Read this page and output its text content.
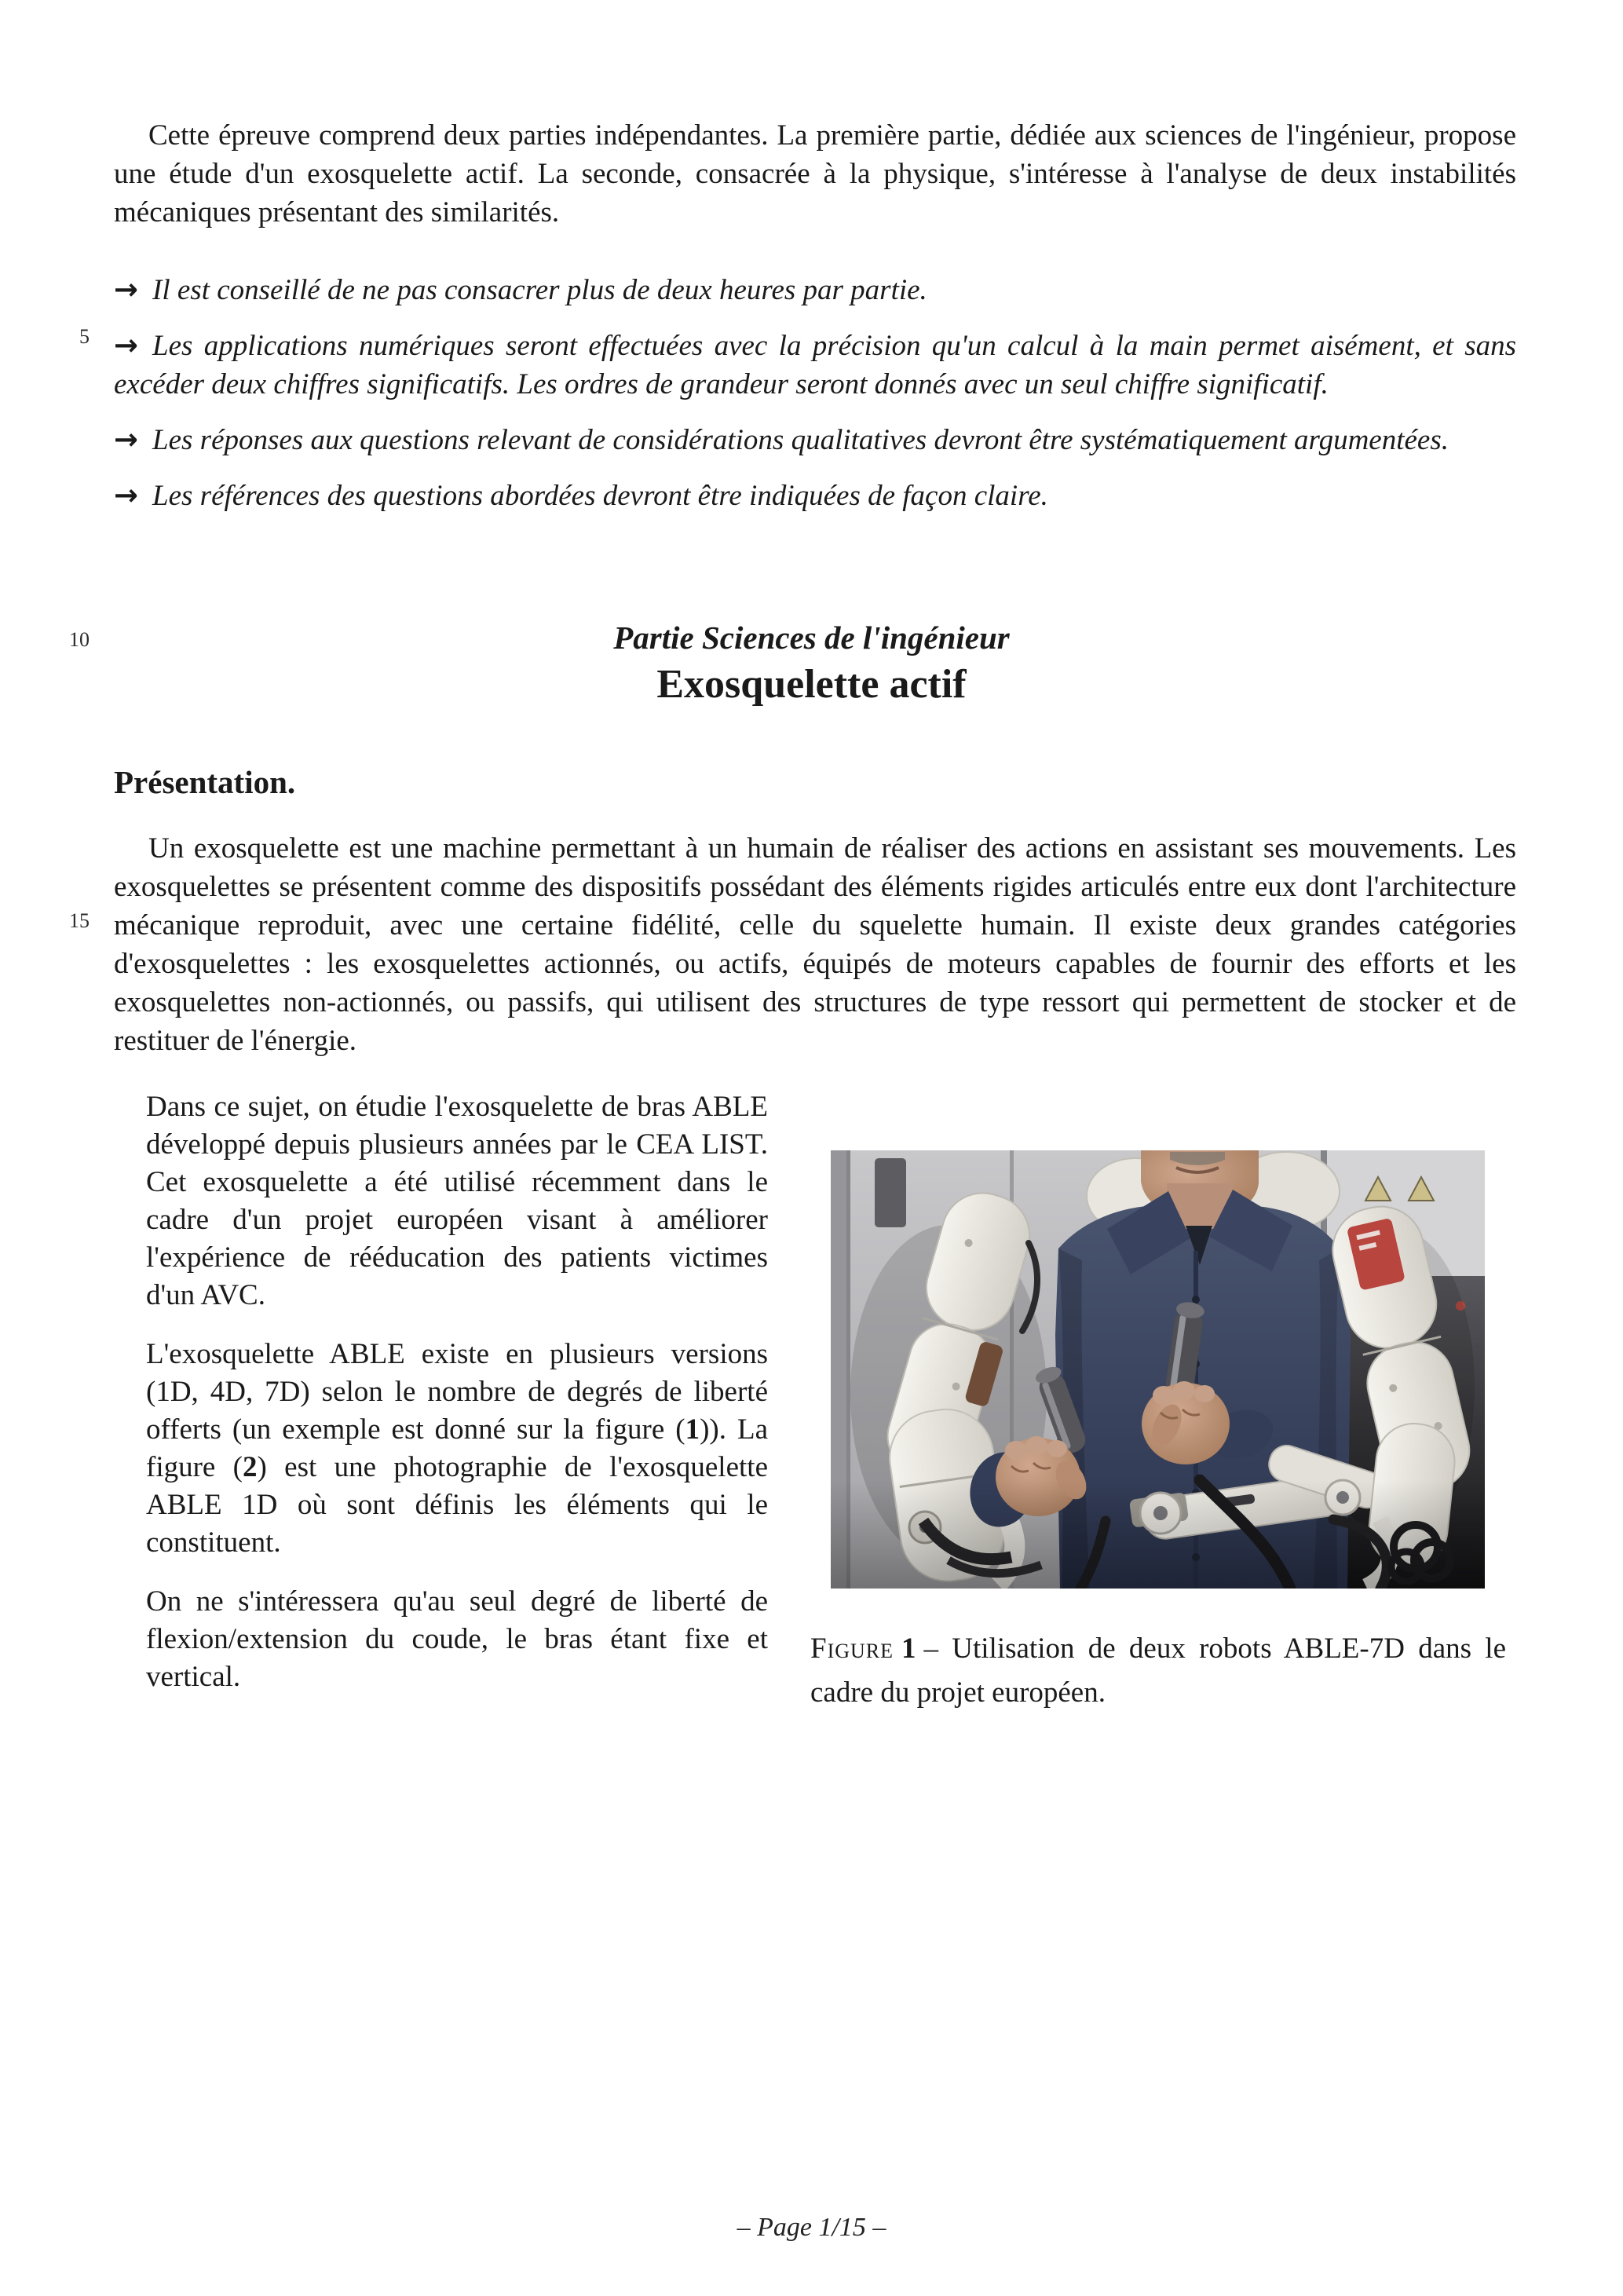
5
10
15

Cette épreuve comprend deux parties indépendantes. La première partie, dédiée aux sciences de l'ingénieur, propose une étude d'un exosquelette actif. La seconde, consacrée à la physique, s'intéresse à l'analyse de deux instabilités mécaniques présentant des similarités.

→ Il est conseillé de ne pas consacrer plus de deux heures par partie.
→ Les applications numériques seront effectuées avec la précision qu'un calcul à la main permet aisément, et sans excéder deux chiffres significatifs. Les ordres de grandeur seront donnés avec un seul chiffre significatif.
→ Les réponses aux questions relevant de considérations qualitatives devront être systématiquement argumentées.
→ Les références des questions abordées devront être indiquées de façon claire.
Partie Sciences de l'ingénieur
Exosquelette actif
Présentation.

Un exosquelette est une machine permettant à un humain de réaliser des actions en assistant ses mouvements. Les exosquelettes se présentent comme des dispositifs possédant des éléments rigides articulés entre eux dont l'architecture mécanique reproduit, avec une certaine fidélité, celle du squelette humain. Il existe deux grandes catégories d'exosquelettes : les exosquelettes actionnés, ou actifs, équipés de moteurs capables de fournir des efforts et les exosquelettes non-actionnés, ou passifs, qui utilisent des structures de type ressort qui permettent de stocker et de restituer de l'énergie.

Dans ce sujet, on étudie l'exosquelette de bras ABLE développé depuis plusieurs années par le CEA LIST. Cet exosquelette a été utilisé récemment dans le cadre d'un projet européen visant à améliorer l'expérience de rééducation des patients victimes d'un AVC.

L'exosquelette ABLE existe en plusieurs versions (1D, 4D, 7D) selon le nombre de degrés de liberté offerts (un exemple est donné sur la figure (1)). La figure (2) est une photographie de l'exosquelette ABLE 1D où sont définis les éléments qui le constituent.

On ne s'intéressera qu'au seul degré de liberté de flexion/extension du coude, le bras étant fixe et vertical.

Figure 1 – Utilisation de deux robots ABLE-7D dans le cadre du projet européen.

– Page 1/15 –
